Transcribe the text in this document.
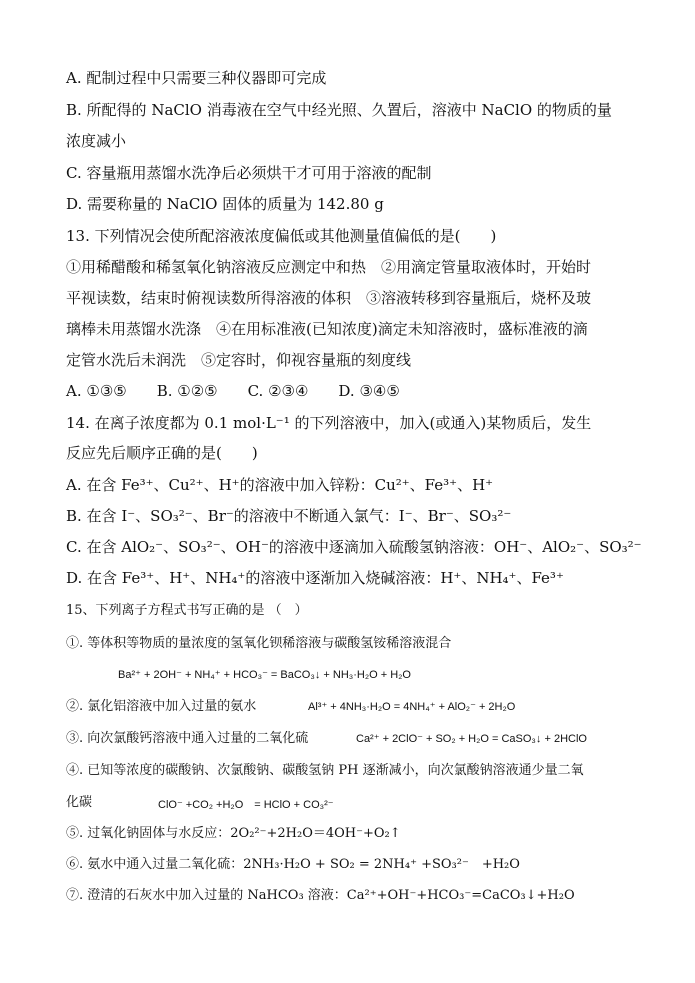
A. 配制过程中只需要三种仪器即可完成
B. 所配得的 NaClO 消毒液在空气中经光照、久置后，溶液中 NaClO 的物质的量
浓度减小
C. 容量瓶用蒸馏水洗净后必须烘干才可用于溶液的配制
D. 需要称量的 NaClO 固体的质量为 142.80 g
13. 下列情况会使所配溶液浓度偏低或其他测量值偏低的是(　　)
①用稀醋酸和稀氢氧化钠溶液反应测定中和热　②用滴定管量取液体时，开始时
平视读数，结束时俯视读数所得溶液的体积　③溶液转移到容量瓶后，烧杯及玻
璃棒未用蒸馏水洗涤　④在用标准液(已知浓度)滴定未知溶液时，盛标准液的滴
定管水洗后未润洗　⑤定容时，仰视容量瓶的刻度线
A. ①③⑤　　B. ①②⑤　　C. ②③④　　D. ③④⑤
14. 在离子浓度都为 0.1 mol·L⁻¹ 的下列溶液中，加入(或通入)某物质后，发生
反应先后顺序正确的是(　　)
A. 在含 Fe³⁺、Cu²⁺、H⁺的溶液中加入锌粉：Cu²⁺、Fe³⁺、H⁺
B. 在含 I⁻、SO₃²⁻、Br⁻的溶液中不断通入氯气：I⁻、Br⁻、SO₃²⁻
C. 在含 AlO₂⁻、SO₃²⁻、OH⁻的溶液中逐滴加入硫酸氢钠溶液：OH⁻、AlO₂⁻、SO₃²⁻
D. 在含 Fe³⁺、H⁺、NH₄⁺的溶液中逐渐加入烧碱溶液：H⁺、NH₄⁺、Fe³⁺
15、下列离子方程式书写正确的是 （　）
①. 等体积等物质的量浓度的氢氧化钡稀溶液与碳酸氢铵稀溶液混合
Ba²⁺ + 2OH⁻ + NH₄⁺ + HCO₃⁻ = BaCO₃↓ + NH₃·H₂O + H₂O
②. 氯化铝溶液中加入过量的氨水	Al³⁺ + 4NH₃·H₂O = 4NH₄⁺ + AlO₂⁻ + 2H₂O
③. 向次氯酸钙溶液中通入过量的二氧化硫	Ca²⁺ + 2ClO⁻ + SO₂ + H₂O = CaSO₃↓ + 2HClO
④. 已知等浓度的碳酸钠、次氯酸钠、碳酸氢钠 PH 逐渐减小，向次氯酸钠溶液通少量二氧
化碳	ClO⁻ +CO₂ +H₂O　= HClO + CO₃²⁻
⑤. 过氧化钠固体与水反应：2O₂²⁻+2H₂O＝4OH⁻+O₂↑
⑥. 氨水中通入过量二氧化硫：2NH₃·H₂O + SO₂ = 2NH₄⁺ +SO₃²⁻　+H₂O
⑦. 澄清的石灰水中加入过量的 NaHCO₃ 溶液：Ca²⁺+OH⁻+HCO₃⁻=CaCO₃↓+H₂O
